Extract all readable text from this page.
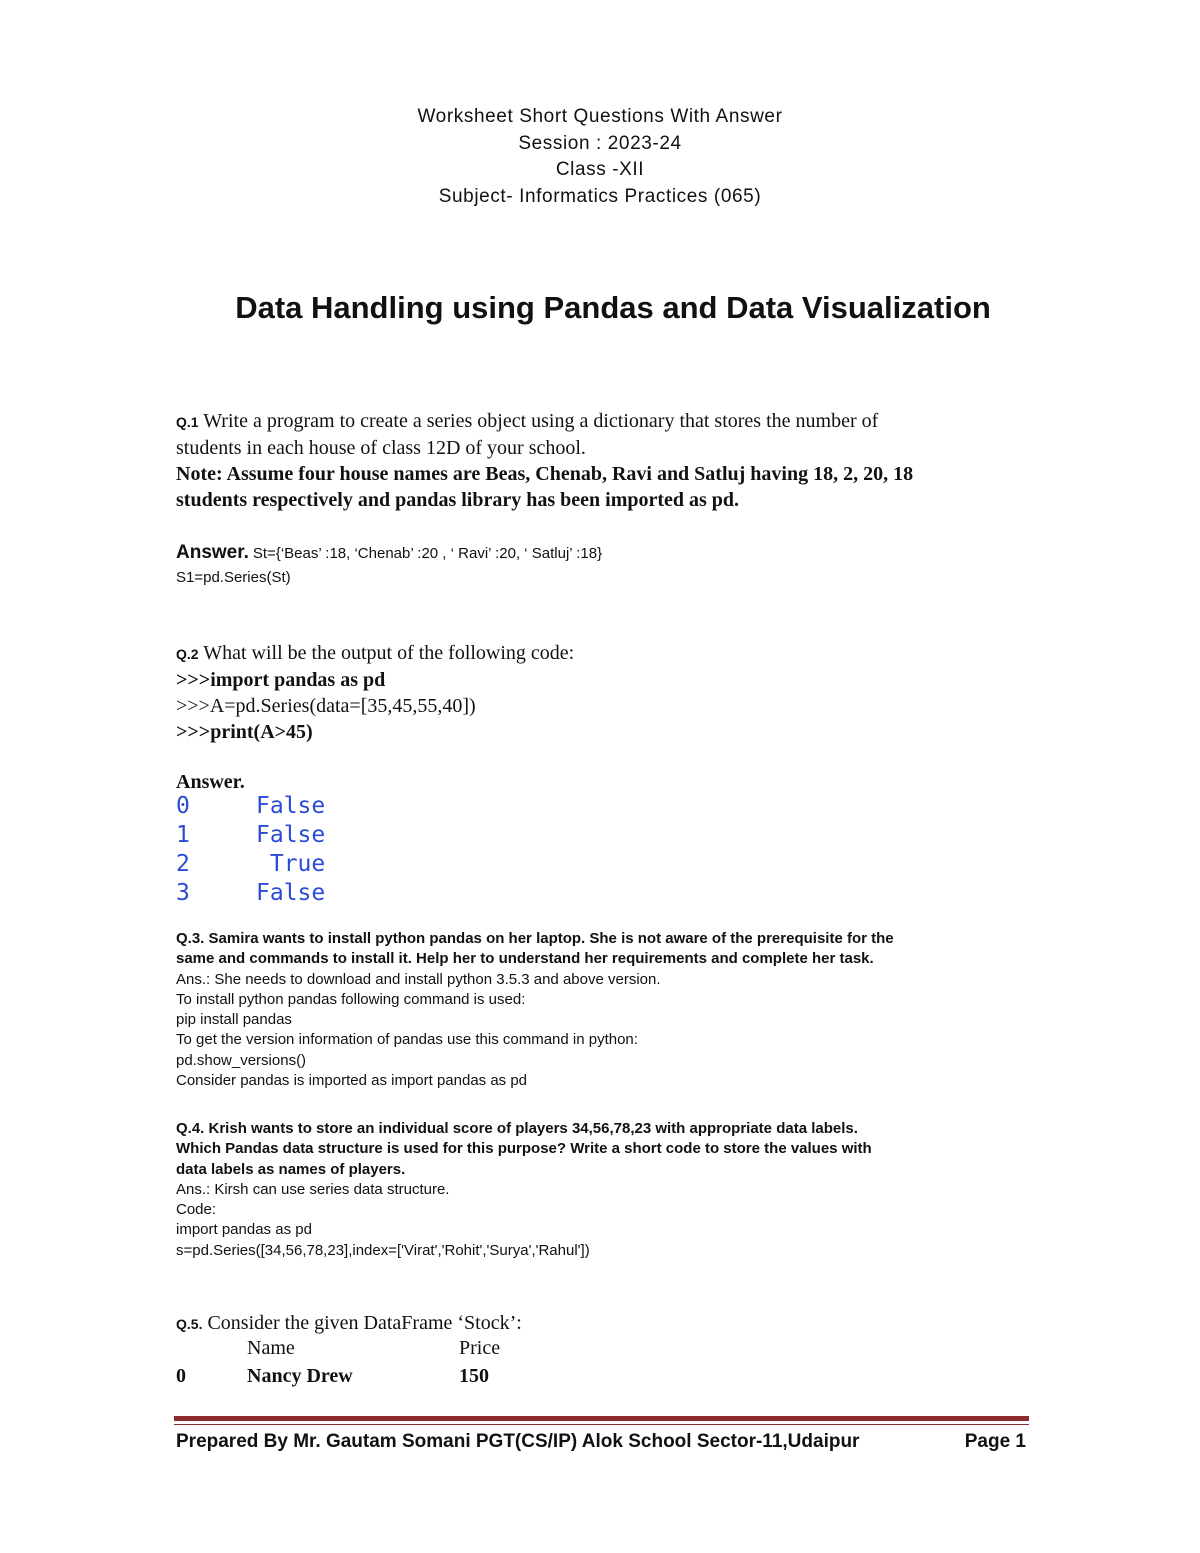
Worksheet Short Questions With Answer
Session : 2023-24
Class -XII
Subject- Informatics Practices (065)
Data Handling using Pandas and Data Visualization
Q.1 Write a program to create a series object using a dictionary that stores the number of
students in each house of class 12D of your school.
Note: Assume four house names are Beas, Chenab, Ravi and Satluj having 18, 2, 20, 18
students respectively and pandas library has been imported as pd.
Answer. St={‘Beas’ :18, ‘Chenab’ :20 , ‘ Ravi’ :20, ‘ Satluj’ :18}
S1=pd.Series(St)
Q.2 What will be the output of the following code:
>>>import pandas as pd
>>>A=pd.Series(data=[35,45,55,40])
>>>print(A>45)
Answer.
0	False
1	False
2	True
3	False
Q.3. Samira wants to install python pandas on her laptop. She is not aware of the prerequisite for the
same and commands to install it. Help her to understand her requirements and complete her task.
Ans.: She needs to download and install python 3.5.3 and above version.
To install python pandas following command is used:
pip install pandas
To get the version information of pandas use this command in python:
pd.show_versions()
Consider pandas is imported as import pandas as pd
Q.4. Krish wants to store an individual score of players 34,56,78,23 with appropriate data labels.
Which Pandas data structure is used for this purpose? Write a short code to store the values with
data labels as names of players.
Ans.: Kirsh can use series data structure.
Code:
import pandas as pd
s=pd.Series([34,56,78,23],index=['Virat','Rohit','Surya','Rahul'])
Q.5. Consider the given DataFrame ‘Stock’:
Name	Price
0	Nancy Drew	150
Prepared By Mr. Gautam Somani PGT(CS/IP) Alok School Sector-11,Udaipur	Page 1
